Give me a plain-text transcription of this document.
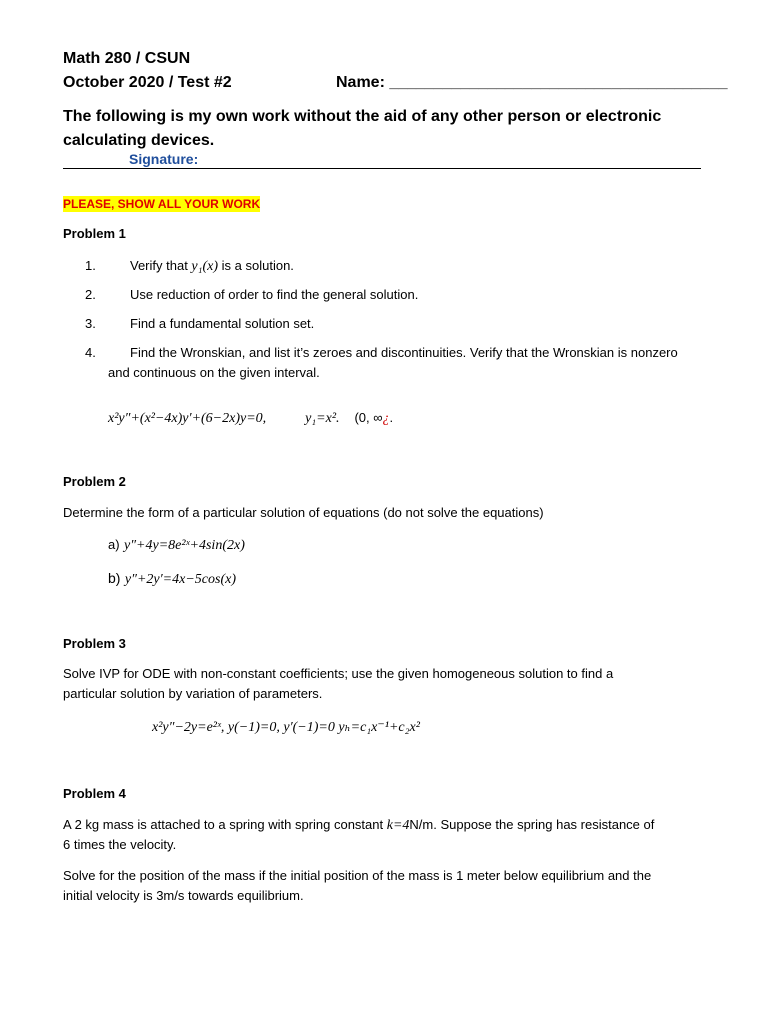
Math 280 / CSUN
October 2020 / Test #2	Name: ______________________________________
The following is my own work without the aid of any other person or electronic
calculating devices.
Signature:
PLEASE, SHOW ALL YOUR WORK
Problem 1
1.	Verify that y₁(x) is a solution.
2.	Use reduction of order to find the general solution.
3.	Find a fundamental solution set.
4.	Find the Wronskian, and list it’s zeroes and discontinuities. Verify that the Wronskian is nonzero
and continuous on the given interval.
x²y″+(x²−4x)y′+(6−2x)y=0,	y₁=x². (0, ∞¿.
Problem 2
Determine the form of a particular solution of equations (do not solve the equations)
a) y″+4y=8e²ˣ+4sin(2x)
b) y″+2y′=4x−5cos(x)
Problem 3
Solve IVP for ODE with non-constant coefficients; use the given homogeneous solution to find a
particular solution by variation of parameters.
x²y″−2y=e²ˣ, y(−1)=0, y′(−1)=0 yₕ=c₁x⁻¹+c₂x²
Problem 4
A 2 kg mass is attached to a spring with spring constant k=4N/m. Suppose the spring has resistance of
6 times the velocity.
Solve for the position of the mass if the initial position of the mass is 1 meter below equilibrium and the
initial velocity is 3m/s towards equilibrium.
